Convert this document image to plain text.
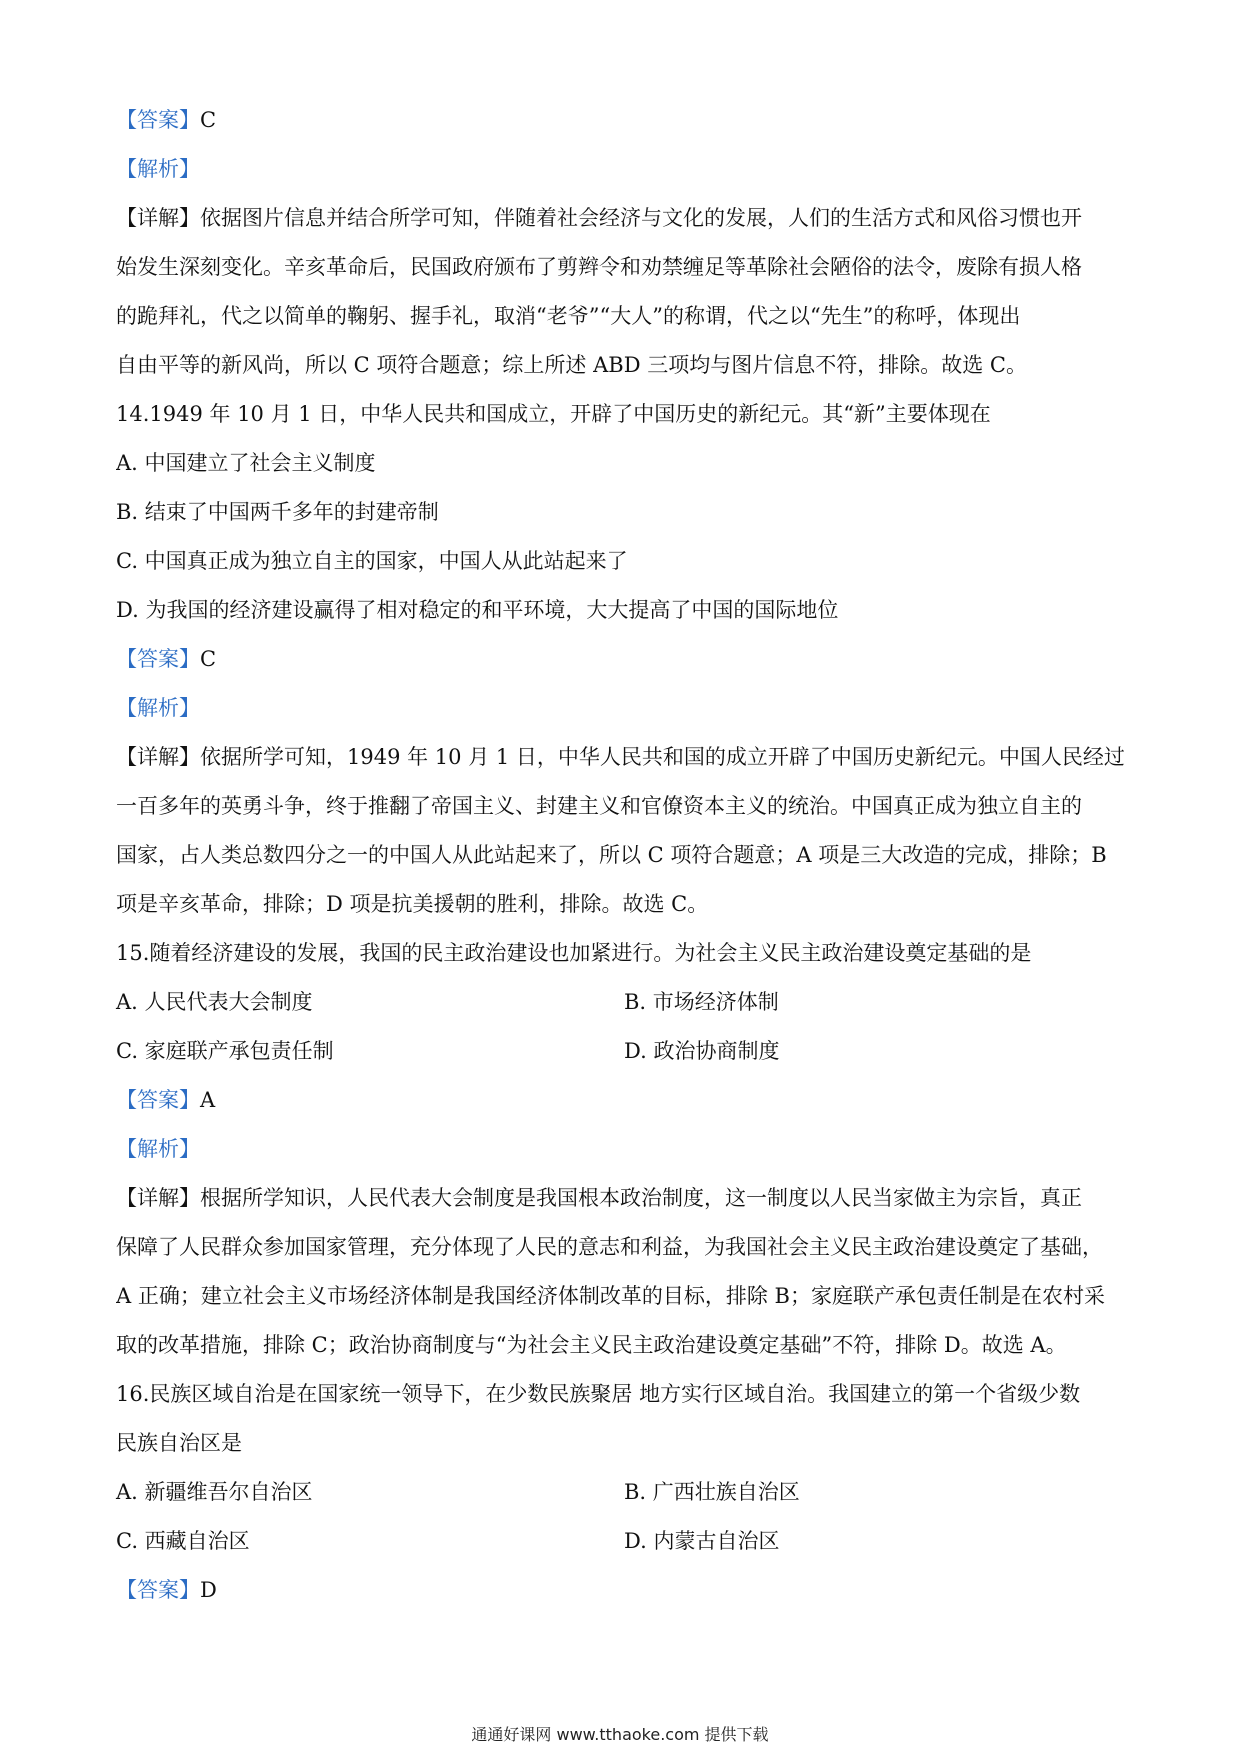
【答案】C
【解析】
【详解】依据图片信息并结合所学可知，伴随着社会经济与文化的发展，人们的生活方式和风俗习惯也开
始发生深刻变化。辛亥革命后，民国政府颁布了剪辫令和劝禁缠足等革除社会陋俗的法令，废除有损人格
的跪拜礼，代之以简单的鞠躬、握手礼，取消“老爷”“大人”的称谓，代之以“先生”的称呼，体现出
自由平等的新风尚，所以 C 项符合题意；综上所述 ABD 三项均与图片信息不符，排除。故选 C。
14.1949 年 10 月 1 日，中华人民共和国成立，开辟了中国历史的新纪元。其“新”主要体现在
A. 中国建立了社会主义制度
B. 结束了中国两千多年的封建帝制
C. 中国真正成为独立自主的国家，中国人从此站起来了
D. 为我国的经济建设赢得了相对稳定的和平环境，大大提高了中国的国际地位
【答案】C
【解析】
【详解】依据所学可知，1949 年 10 月 1 日，中华人民共和国的成立开辟了中国历史新纪元。中国人民经过
一百多年的英勇斗争，终于推翻了帝国主义、封建主义和官僚资本主义的统治。中国真正成为独立自主的
国家，占人类总数四分之一的中国人从此站起来了，所以 C 项符合题意；A 项是三大改造的完成，排除；B
项是辛亥革命，排除；D 项是抗美援朝的胜利，排除。故选 C。
15.随着经济建设的发展，我国的民主政治建设也加紧进行。为社会主义民主政治建设奠定基础的是
A. 人民代表大会制度	B. 市场经济体制
C. 家庭联产承包责任制	D. 政治协商制度
【答案】A
【解析】
【详解】根据所学知识，人民代表大会制度是我国根本政治制度，这一制度以人民当家做主为宗旨，真正
保障了人民群众参加国家管理，充分体现了人民的意志和利益，为我国社会主义民主政治建设奠定了基础，
A 正确；建立社会主义市场经济体制是我国经济体制改革的目标，排除 B；家庭联产承包责任制是在农村采
取的改革措施，排除 C；政治协商制度与“为社会主义民主政治建设奠定基础”不符，排除 D。故选 A。
16.民族区域自治是在国家统一领导下，在少数民族聚居 地方实行区域自治。我国建立的第一个省级少数
民族自治区是
A. 新疆维吾尔自治区	B. 广西壮族自治区
C. 西藏自治区	D. 内蒙古自治区
【答案】D
通通好课网 www.tthaoke.com 提供下载
